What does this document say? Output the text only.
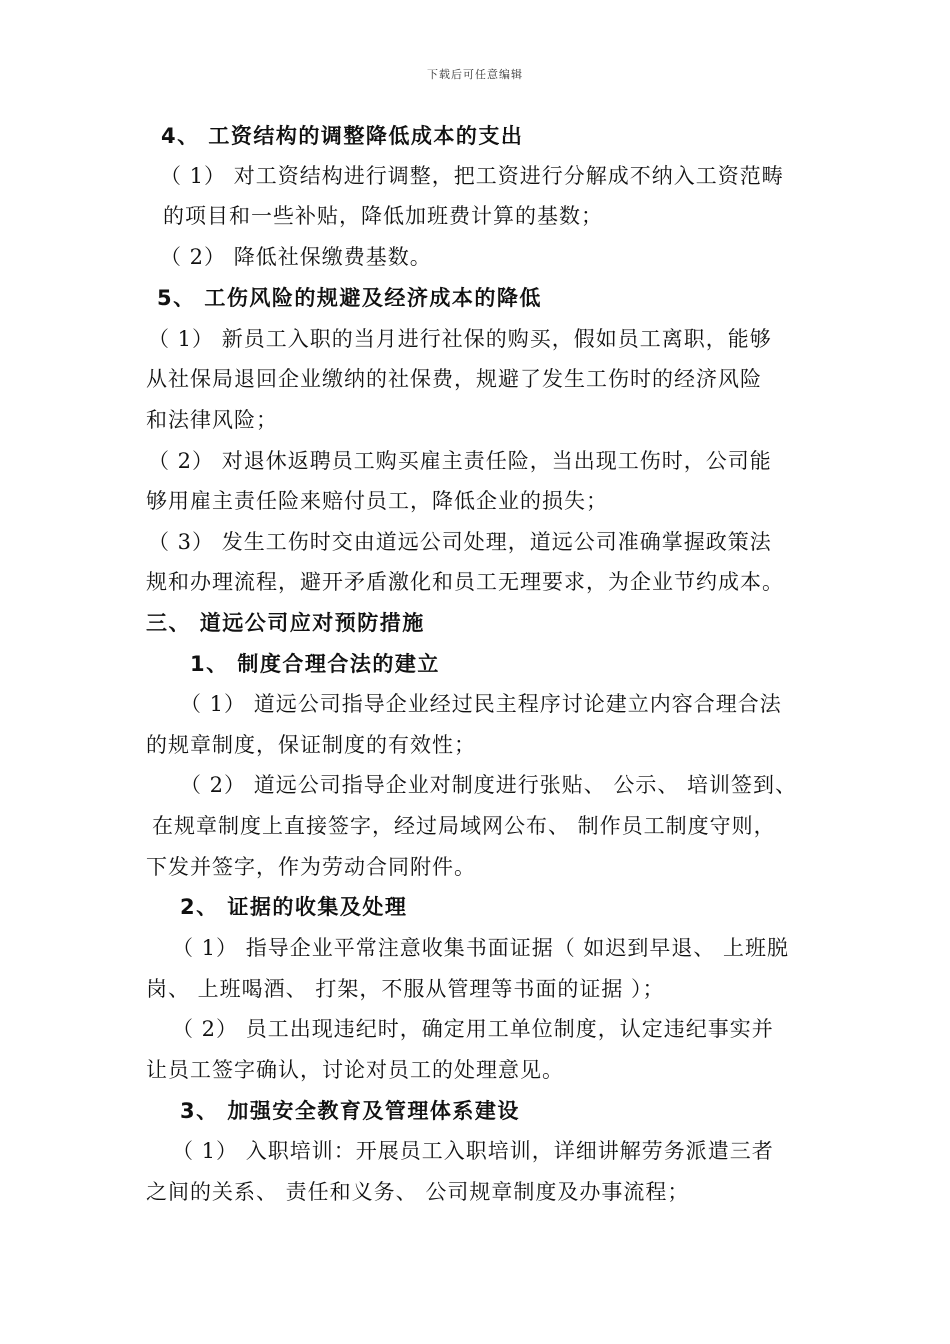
下载后可任意编辑
4、 工资结构的调整降低成本的支出
（ 1） 对工资结构进行调整，把工资进行分解成不纳入工资范畴
的项目和一些补贴，降低加班费计算的基数；
（ 2） 降低社保缴费基数。
5、 工伤风险的规避及经济成本的降低
（ 1） 新员工入职的当月进行社保的购买，假如员工离职，能够
从社保局退回企业缴纳的社保费，规避了发生工伤时的经济风险
和法律风险；
（ 2） 对退休返聘员工购买雇主责任险，当出现工伤时，公司能
够用雇主责任险来赔付员工，降低企业的损失；
（ 3） 发生工伤时交由道远公司处理，道远公司准确掌握政策法
规和办理流程，避开矛盾激化和员工无理要求，为企业节约成本。
三、 道远公司应对预防措施
1、 制度合理合法的建立
（ 1） 道远公司指导企业经过民主程序讨论建立内容合理合法
的规章制度，保证制度的有效性；
（ 2） 道远公司指导企业对制度进行张贴、 公示、 培训签到、
在规章制度上直接签字，经过局域网公布、 制作员工制度守则，
下发并签字，作为劳动合同附件。
2、 证据的收集及处理
（ 1） 指导企业平常注意收集书面证据（ 如迟到早退、 上班脱
岗、 上班喝酒、 打架，不服从管理等书面的证据 ）；
（ 2） 员工出现违纪时，确定用工单位制度，认定违纪事实并
让员工签字确认，讨论对员工的处理意见。
3、 加强安全教育及管理体系建设
（ 1） 入职培训：开展员工入职培训，详细讲解劳务派遣三者
之间的关系、 责任和义务、 公司规章制度及办事流程；
